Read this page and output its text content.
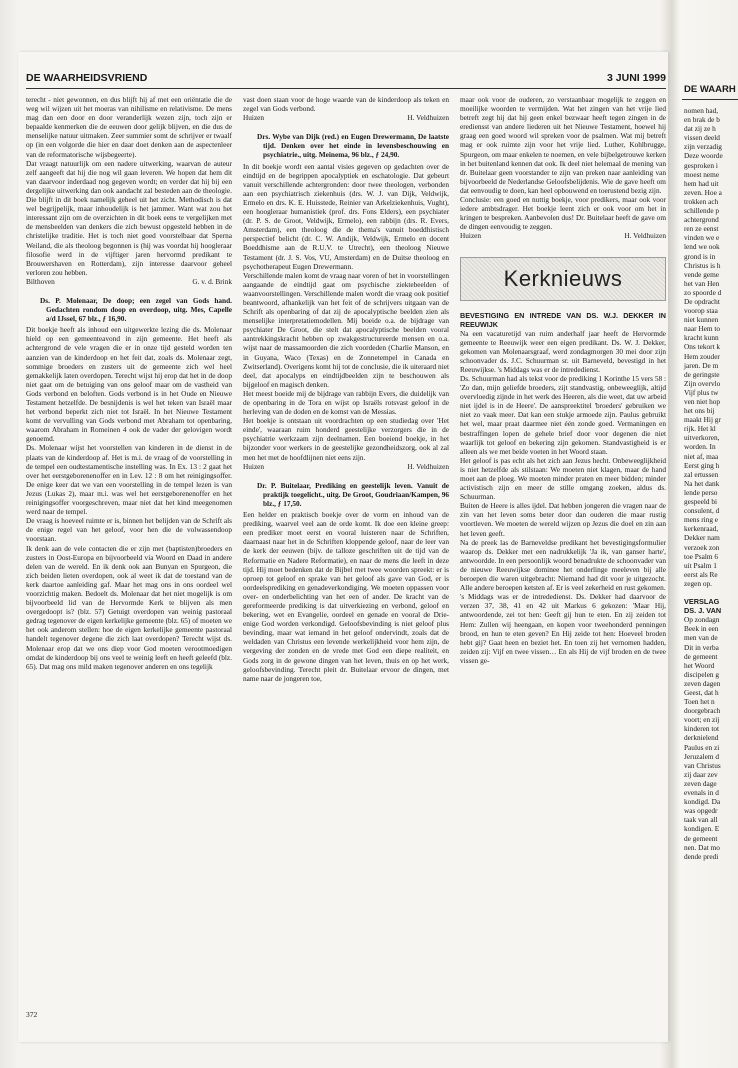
DE WAARHEIDSVRIEND	3 JUNI 1999

terecht - niet gewonnen, en dus blijft hij af met een oriëntatie die de weg wil wijzen uit het moeras van nihilisme en relativisme. De mens mag dan een door en door veranderlijk wezen zijn, toch zijn er bepaalde kenmerken die de eeuwen door gelijk blijven, en die dus de menselijke natuur uitmaken. Zeer summier somt de schrijver er twaalf op (in een volgorde die hier en daar doet denken aan de aspectenleer van de reformatorische wijsbegeerte).

Dat vraagt natuurlijk om een nadere uitwerking, waarvan de auteur zelf aangeeft dat hij die nog wil gaan leveren. We hopen dat hem dit van daarvoor inderdaad nog gegeven wordt; en verder dat hij bij een dergelijke uitwerking dan ook aandacht zal besteden aan de theologie. Die blijft in dit boek namelijk geheel uit het zicht. Methodisch is dat wel begrijpelijk, maar inhoudelijk is het jammer. Want wat zou het interessant zijn om de overzichten in dit boek eens te vergelijken met de mensbeelden van denkers die zich bewust opgesteld hebben in de christelijke traditie. Het is toch niet goed voorstelbaar dat Sperna Weiland, die als theoloog begonnen is (hij was voordat hij hoogleraar filosofie werd in de vijftiger jaren hervormd predikant te Brouwershaven en Rotterdam), zijn interesse daarvoor geheel verloren zou hebben.

Bilthoven	G. v. d. Brink

Ds. P. Molenaar, De doop; een zegel van Gods hand. Gedachten rondom doop en overdoop, uitg. Mes, Capelle a/d IJssel, 67 blz., ƒ 16,90.

Dit boekje heeft als inhoud een uitgewerkte lezing die ds. Molenaar hield op een gemeenteavond in zijn gemeente. Het heeft als achtergrond de vele vragen die er in onze tijd gesteld worden ten aanzien van de kinderdoop en het feit dat, zoals ds. Molenaar zegt, sommige broeders en zusters uit de gemeente zich wel heel gemakkelijk laten overdopen. Terecht wijst hij erop dat het in de doop niet gaat om de betuiging van ons geloof maar om de vastheid van Gods verbond en beloften. Gods verbond is in het Oude en Nieuwe Testament hetzelfde. De besnijdenis is wel het teken van Israël maar het verbond beperkt zich niet tot Israël. In het Nieuwe Testament komt de vervulling van Gods verbond met Abraham tot openbaring, waarom Abraham in Romeinen 4 ook de vader der gelovigen wordt genoemd.

Ds. Molenaar wijst het voorstellen van kinderen in de dienst in de plaats van de kinderdoop af. Het is m.i. de vraag of de voorstelling in de tempel een oudtestamentische instelling was. In Ex. 13 : 2 gaat het over het eerstgeborenenoffer en in Lev. 12 : 8 om het reinigingsoffer. De enige keer dat we van een voorstelling in de tempel lezen is van Jezus (Lukas 2), maar m.i. was wel het eerstgeborenenoffer en het reinigingsoffer voorgeschreven, maar niet dat het kind meegenomen werd naar de tempel.

De vraag is hoeveel ruimte er is, binnen het belijden van de Schrift als de enige regel van het geloof, voor hen die de volwassendoop voorstaan.

Ik denk aan de vele contacten die er zijn met (baptisten)broeders en zusters in Oost-Europa en bijvoorbeeld via Woord en Daad in andere delen van de wereld. En ik denk ook aan Bunyan en Spurgeon, die zich beiden lieten overdopen, ook al weet ik dat de toestand van de kerk daartoe aanleiding gaf. Maar het mag ons in ons oordeel wel voorzichtig maken. Bedoelt ds. Molenaar dat het niet mogelijk is om bijvoorbeeld lid van de Hervormde Kerk te blijven als men overgedoopt is? (blz. 57) Getuigt overdopen van weinig pastoraal gedrag tegenover de eigen kerkelijke gemeente (blz. 65) of moeten we het ook anderom stellen: hoe de eigen kerkelijke gemeente pastoraal handelt tegenover degene die zich laat overdopen? Terecht wijst ds. Molenaar erop dat we ons diep voor God moeten verootmoedigen omdat de kinderdoop bij ons veel te weinig leeft en heeft geleefd (blz. 65). Dat mag ons mild maken tegenover anderen en ons tegelijk

vast doen staan voor de hoge waarde van de kinderdoop als teken en zegel van Gods verbond.

Huizen	H. Veldhuizen

Drs. Wybe van Dijk (red.) en Eugen Drewermann, De laatste tijd. Denken over het einde in levensbeschouwing en psychiatrie., uitg. Meinema, 96 blz., ƒ 24,90.

In dit boekje wordt een aantal visies gegeven op gedachten over de eindtijd en de begrippen apocalyptiek en eschatologie. Dat gebeurt vanuit verschillende achtergronden: door twee theologen, verbonden aan een psychiatrisch ziekenhuis (drs. W. J. van Dijk, Veldwijk, Ermelo en drs. K. E. Huisstede, Reinier van Arkelziekenhuis, Vught), een hoogleraar humanistiek (prof. drs. Fons Elders), een psychiater (dr. P. S. de Groot, Veldwijk, Ermelo), een rabbijn (drs. R. Evers, Amsterdam), een theoloog die de thema's vanuit boeddhistisch perspectief belicht (dr. C. W. Andijk, Veldwijk, Ermelo en docent Boeddhisme aan de R.U.V. te Utrecht), een theoloog Nieuwe Testament (dr. J. S. Vos, VU, Amsterdam) en de Duitse theoloog en psychotherapeut Eugen Drewermann.

Verschillende malen komt de vraag naar voren of het in voorstellingen aangaande de eindtijd gaat om psychische ziektebeelden of waanvoorstellingen. Verschillende malen wordt die vraag ook positief beantwoord, afhankelijk van het feit of de schrijvers uitgaan van de Schrift als openbaring of dat zij de apocalyptische beelden zien als menselijke interpretatiemodellen. Mij boeide o.a. de bijdrage van psychiater De Groot, die stelt dat apocalyptische beelden vooral aantrekkingskracht hebben op zwakgestructureerde mensen en o.a. wijst naar de massamoorden die zich voordeden (Charlie Manson, en in Guyana, Waco (Texas) en de Zonnetempel in Canada en Zwitserland). Overigens komt hij tot de conclusie, die ik uiteraard niet deel, dat apocalyps en eindtijdbeelden zijn te beschouwen als bijgeloof en magisch denken.

Het meest boeide mij de bijdrage van rabbijn Evers, die duidelijk van de openbaring in de Tora en wijst op Israëls rotsvast geloof in de herleving van de doden en de komst van de Messias.

Het boekje is ontstaan uit voordrachten op een studiedag over 'Het einde', waaraan ruim honderd geestelijke verzorgers die in de psychiatrie werkzaam zijn deelnamen. Een boeiend boekje, in het bijzonder voor werkers in de geestelijke gezondheidszorg, ook al zal men het met de hoofdlijnen niet eens zijn.

Huizen	H. Veldhuizen

Dr. P. Buitelaar, Prediking en geestelijk leven. Vanuit de praktijk toegelicht., uitg. De Groot, Goudriaan/Kampen, 96 blz., ƒ 17,50.

Een helder en praktisch boekje over de vorm en inhoud van de prediking, waarvel veel aan de orde komt. Ik doe een kleine greep: een prediker moet eerst en vooral luisteren naar de Schriften, daarnaast naar het in de Schriften kloppende geloof, naar de leer van de kerk der eeuwen (bijv. de talloze geschriften uit de tijd van de Reformatie en Nadere Reformatie), en naar de mens die leeft in deze tijd. Hij moet bedenken dat de Bijbel met twee woorden spreekt: er is oproep tot geloof en sprake van het geloof als gave van God, er is oordeelsprediking en genadeverkondiging. We moeten oppassen voor over- en onderbelichting van het een of ander. De kracht van de gereformeerde prediking is dat uitverkiezing en verbond, geloof en bekering, wet en Evangelie, oordeel en genade en vooral de Drie-enige God worden verkondigd. Geloofsbevinding is niet geloof plus bevinding, maar wat iemand in het geloof ondervindt, zoals dat de weldaden van Christus een levende werkelijkheid voor hem zijn, de vergeving der zonden en de vrede met God een diepe realiteit, en Gods zorg in de gewone dingen van het leven, thuis en op het werk, geloofsbevinding. Terecht pleit dr. Buitelaar ervoor de dingen, met name naar de jongeren toe,

maar ook voor de ouderen, zo verstaanbaar mogelijk te zeggen en moeilijke woorden te vermijden. Wat het zingen van het vrije lied betreft zegt hij dat hij geen enkel bezwaar heeft tegen zingen in de erediensst van andere liederen uit het Nieuwe Testament, hoewel hij graag een goed woord wil spreken voor de psalmen. Wat mij betreft mag er ook ruimte zijn voor het vrije lied. Luther, Kohlbrugge, Spurgeon, om maar enkelen te noemen, en vele bijbelgetrouwe kerken in het buitenland kennen dat ook. Ik deel niet helemaal de mening van dr. Buitelaar geen voorstander te zijn van preken naar aanleiding van bijvoorbeeld de Nederlandse Geloofsbelijdenis. Wie de gave heeft om dat eenvoudig te doen, kan heel opbouwend en toerustend bezig zijn.

Conclusie: een goed en nuttig boekje, voor predikers, maar ook voor iedere ambtsdrager. Het boekje leent zich er ook voor om het in kringen te bespreken. Aanbevolen dus! Dr. Buitelaar heeft de gave om de dingen eenvoudig te zeggen.

Huizen	H. Veldhuizen
Kerknieuws

BEVESTIGING EN INTREDE VAN DS. W.J. DEKKER IN REEUWIJK

Na een vacaturetijd van ruim anderhalf jaar heeft de Hervormde gemeente te Reeuwijk weer een eigen predikant. Ds. W. J. Dekker, gekomen van Molenaarsgraaf, werd zondagmorgen 30 mei door zijn schoonvader ds. J.C. Schuurman sr. uit Barneveld, bevestigd in het Reeuwijkse. 's Middags was er de intrededienst.

Ds. Schuurman had als tekst voor de prediking 1 Korinthe 15 vers 58 : 'Zo dan, mijn geliefde broeders, zijt standvastig, onbeweeglijk, altijd overvloedig zijnde in het werk des Heeren, als die weet, dat uw arbeid niet ijdel is in de Heere'. De aanspreektitel 'broeders' gebruiken we niet zo vaak meer. Dat kan een stukje armoede zijn. Paulus gebruikt het wel, maar praat daarmee niet één zonde goed. Vermaningen en bestraffingen lopen de gehele brief door voor degenen die niet waarlijk tot geloof en bekering zijn gekomen. Standvastigheid is er alleen als we met beide voeten in het Woord staan.

Het geloof is pas echt als het zich aan Jezus hecht. Onbeweeglijkheid is niet hetzelfde als stilstaan: We moeten niet klagen, maar de hand moet aan de ploeg. We moeten minder praten en meer bidden; minder activistisch zijn en meer de stille omgang zoeken, aldus ds. Schuurman.

Buiten de Heere is alles ijdel. Dat hebben jongeren die vragen naar de zin van het leven soms beter door dan ouderen die maar rustig voortleven. We moeten de wereld wijzen op Jezus die doel en zin aan het leven geeft.

Na de preek las de Barneveldse predikant het bevestigingsformulier waarop ds. Dekker met een nadrukkelijk 'Ja ik, van ganser harte', antwoordde. In een persoonlijk woord benadrukte de schoonvader van de nieuwe Reeuwijkse dominee het onderlinge meeleven bij alle beroepen die waren uitgebracht: Niemand had dit voor je uitgezocht. Alle andere beroepen ketsten af. Er is veel zekerheid en rust gekomen.

's Middags was er de intrededienst. Ds. Dekker had daarvoor de verzen 37, 38, 41 en 42 uit Markus 6 gekozen: 'Maar Hij, antwoordende, zei tot hen: Geeft gij hun te eten. En zij zeiden tot Hem: Zullen wij heengaan, en kopen voor tweehonderd penningen brood, en hun te eten geven? En Hij zeide tot hen: Hoeveel broden hebt gij? Gaat heen en beziet het. En toen zij het vernomen hadden, zeiden zij: Vijf en twee vissen… En als Hij de vijf broden en de twee vissen ge-

372
DE WAARH
nomen had,
en brak de b
dat zij ze h
vissen deeld
zijn verzadig
Deze woorde
gesproken i
moest neme
hem had uit
zeven. Hoe a
trokken ach
schillende p
achtergrond
ren ze eenst
vinden we e
lend we ook
grond is in
Christus is h
vende geme
het van Hen
zo spoorde d
De opdracht
voorop staa
niet kunnen
naar Hem to
kracht kunn
Ons tekort k
Hem zouder
jaren. De m
de geringste
Zijn overvlo
Vijf plus tw
ven niet hop
het ons bij
maakt Hij gr
rijk. Het kl
uitverkoren,
worden. In
niet af, maa
Eerst ging h
zal ertussen
Na het dank
lende perso
gespeeld bi
consulent, d
mens ring e
kerkenraad,
Dekker nam
verzoek zon
toe Psalm 6
uit Psalm 1
eerst als Re
zegen op.
VERSLAG
DS. J. VAN
Op zondagn
Beek in een
men van de
Dit in verba
de gemeent
het Woord
discipelen g
zeven dagen
Geest, dat h
Toen het n
doorgebrach
voort; en zij
kinderen tot
derknielend
Paulus en zi
Jeruzalem d
van Christus
zij daar zev
zeven dage
evenals in d
kondigd. Da
was opgedr
taak van all
kondigen. E
de gemeent
nen. Dat mo
dende predi
